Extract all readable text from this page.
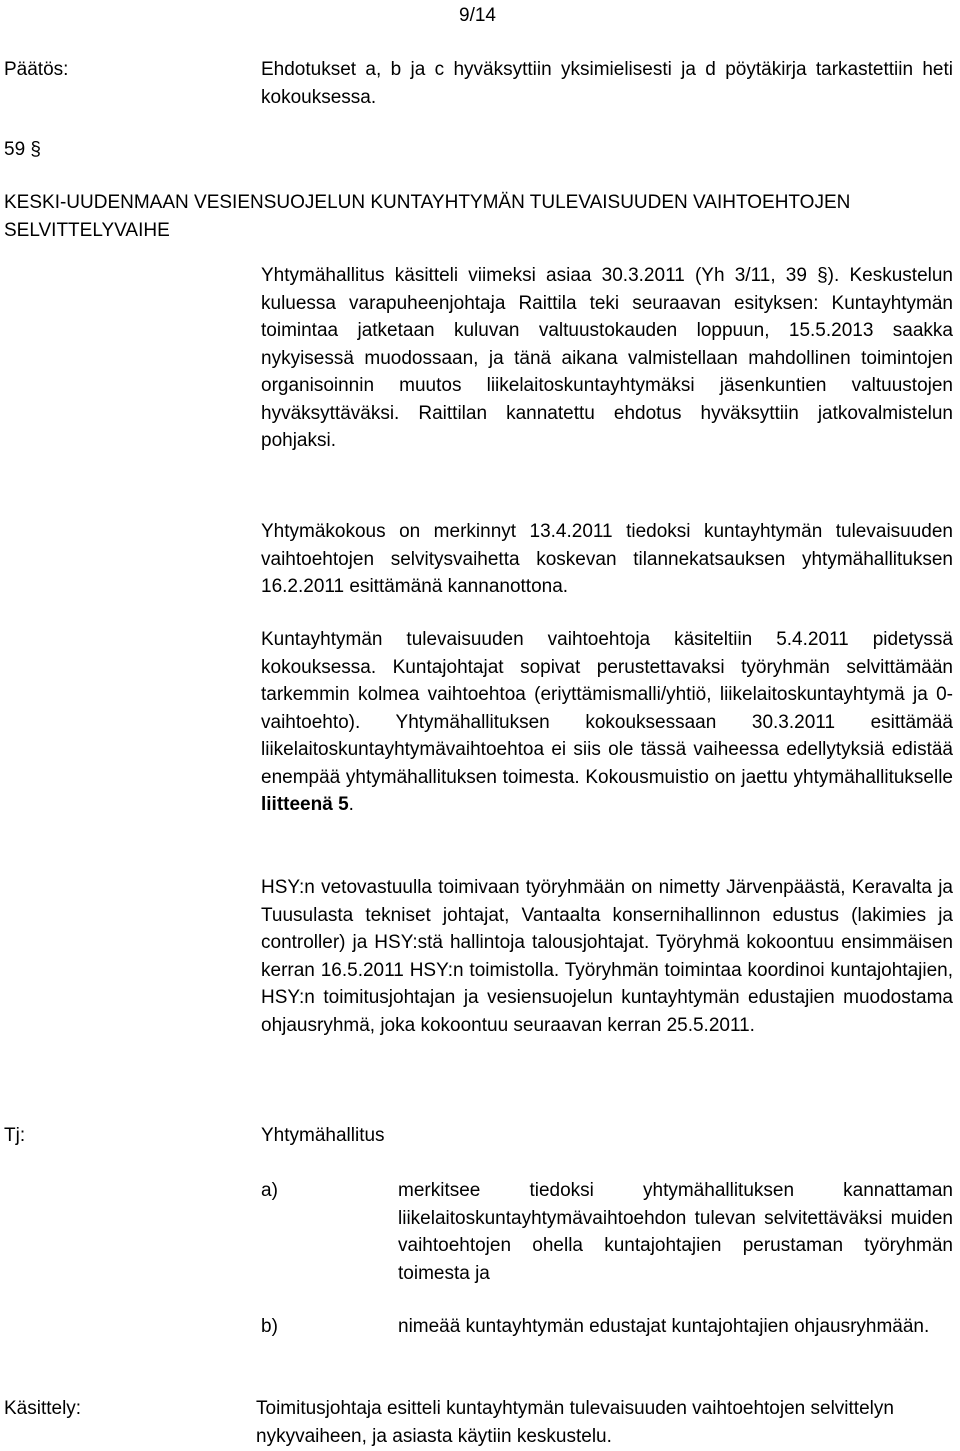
9/14
Päätös:	Ehdotukset a, b ja c hyväksyttiin yksimielisesti ja d pöytäkirja tarkastettiin heti kokouksessa.

59 §

KESKI-UUDENMAAN VESIENSUOJELUN KUNTAYHTYMÄN TULEVAISUUDEN VAIHTOEHTOJEN SELVITTELYVAIHE

Yhtymähallitus käsitteli viimeksi asiaa 30.3.2011 (Yh 3/11, 39 §). Keskustelun kuluessa varapuheenjohtaja Raittila teki seuraavan esityksen: Kuntayhtymän toimintaa jatketaan kuluvan valtuustokauden loppuun, 15.5.2013 saakka nykyisessä muodossaan, ja tänä aikana valmistellaan mahdollinen toimintojen organisoinnin muutos liikelaitoskuntayhtymäksi jäsenkuntien valtuustojen hyväksyttäväksi. Raittilan kannatettu ehdotus hyväksyttiin jatkovalmistelun pohjaksi.

Yhtymäkokous on merkinnyt 13.4.2011 tiedoksi kuntayhtymän tulevaisuuden vaihtoehtojen selvitysvaihetta koskevan tilannekatsauksen yhtymähallituksen 16.2.2011 esittämänä kannanottona.

Kuntayhtymän tulevaisuuden vaihtoehtoja käsiteltiin 5.4.2011 pidetyssä kokouksessa. Kuntajohtajat sopivat perustettavaksi työryhmän selvittämään tarkemmin kolmea vaihtoehtoa (eriyttämismalli/yhtiö, liikelaitoskuntayhtymä ja 0-vaihtoehto). Yhtymähallituksen kokouksessaan 30.3.2011 esittämää liikelaitoskuntayhtymävaihtoehtoa ei siis ole tässä vaiheessa edellytyksiä edistää enempää yhtymähallituksen toimesta. Kokousmuistio on jaettu yhtymähallitukselle liitteenä 5.

HSY:n vetovastuulla toimivaan työryhmään on nimetty Järvenpäästä, Keravalta ja Tuusulasta tekniset johtajat, Vantaalta konsernihallinnon edustus (lakimies ja controller) ja HSY:stä hallintoja talousjohtajat. Työryhmä kokoontuu ensimmäisen kerran 16.5.2011 HSY:n toimistolla. Työryhmän toimintaa koordinoi kuntajohtajien, HSY:n toimitusjohtajan ja vesiensuojelun kuntayhtymän edustajien muodostama ohjausryhmä, joka kokoontuu seuraavan kerran 25.5.2011.

Tj:	Yhtymähallitus
a)	merkitsee tiedoksi yhtymähallituksen kannattaman liikelaitoskuntayhtymävaihtoehdon tulevan selvitettäväksi muiden vaihtoehtojen ohella kuntajohtajien perustaman työryhmän toimesta ja

b)	nimeää kuntayhtymän edustajat kuntajohtajien ohjausryhmään.

Käsittely:	Toimitusjohtaja esitteli kuntayhtymän tulevaisuuden vaihtoehtojen selvittelyn nykyvaiheen, ja asiasta käytiin keskustelu.
